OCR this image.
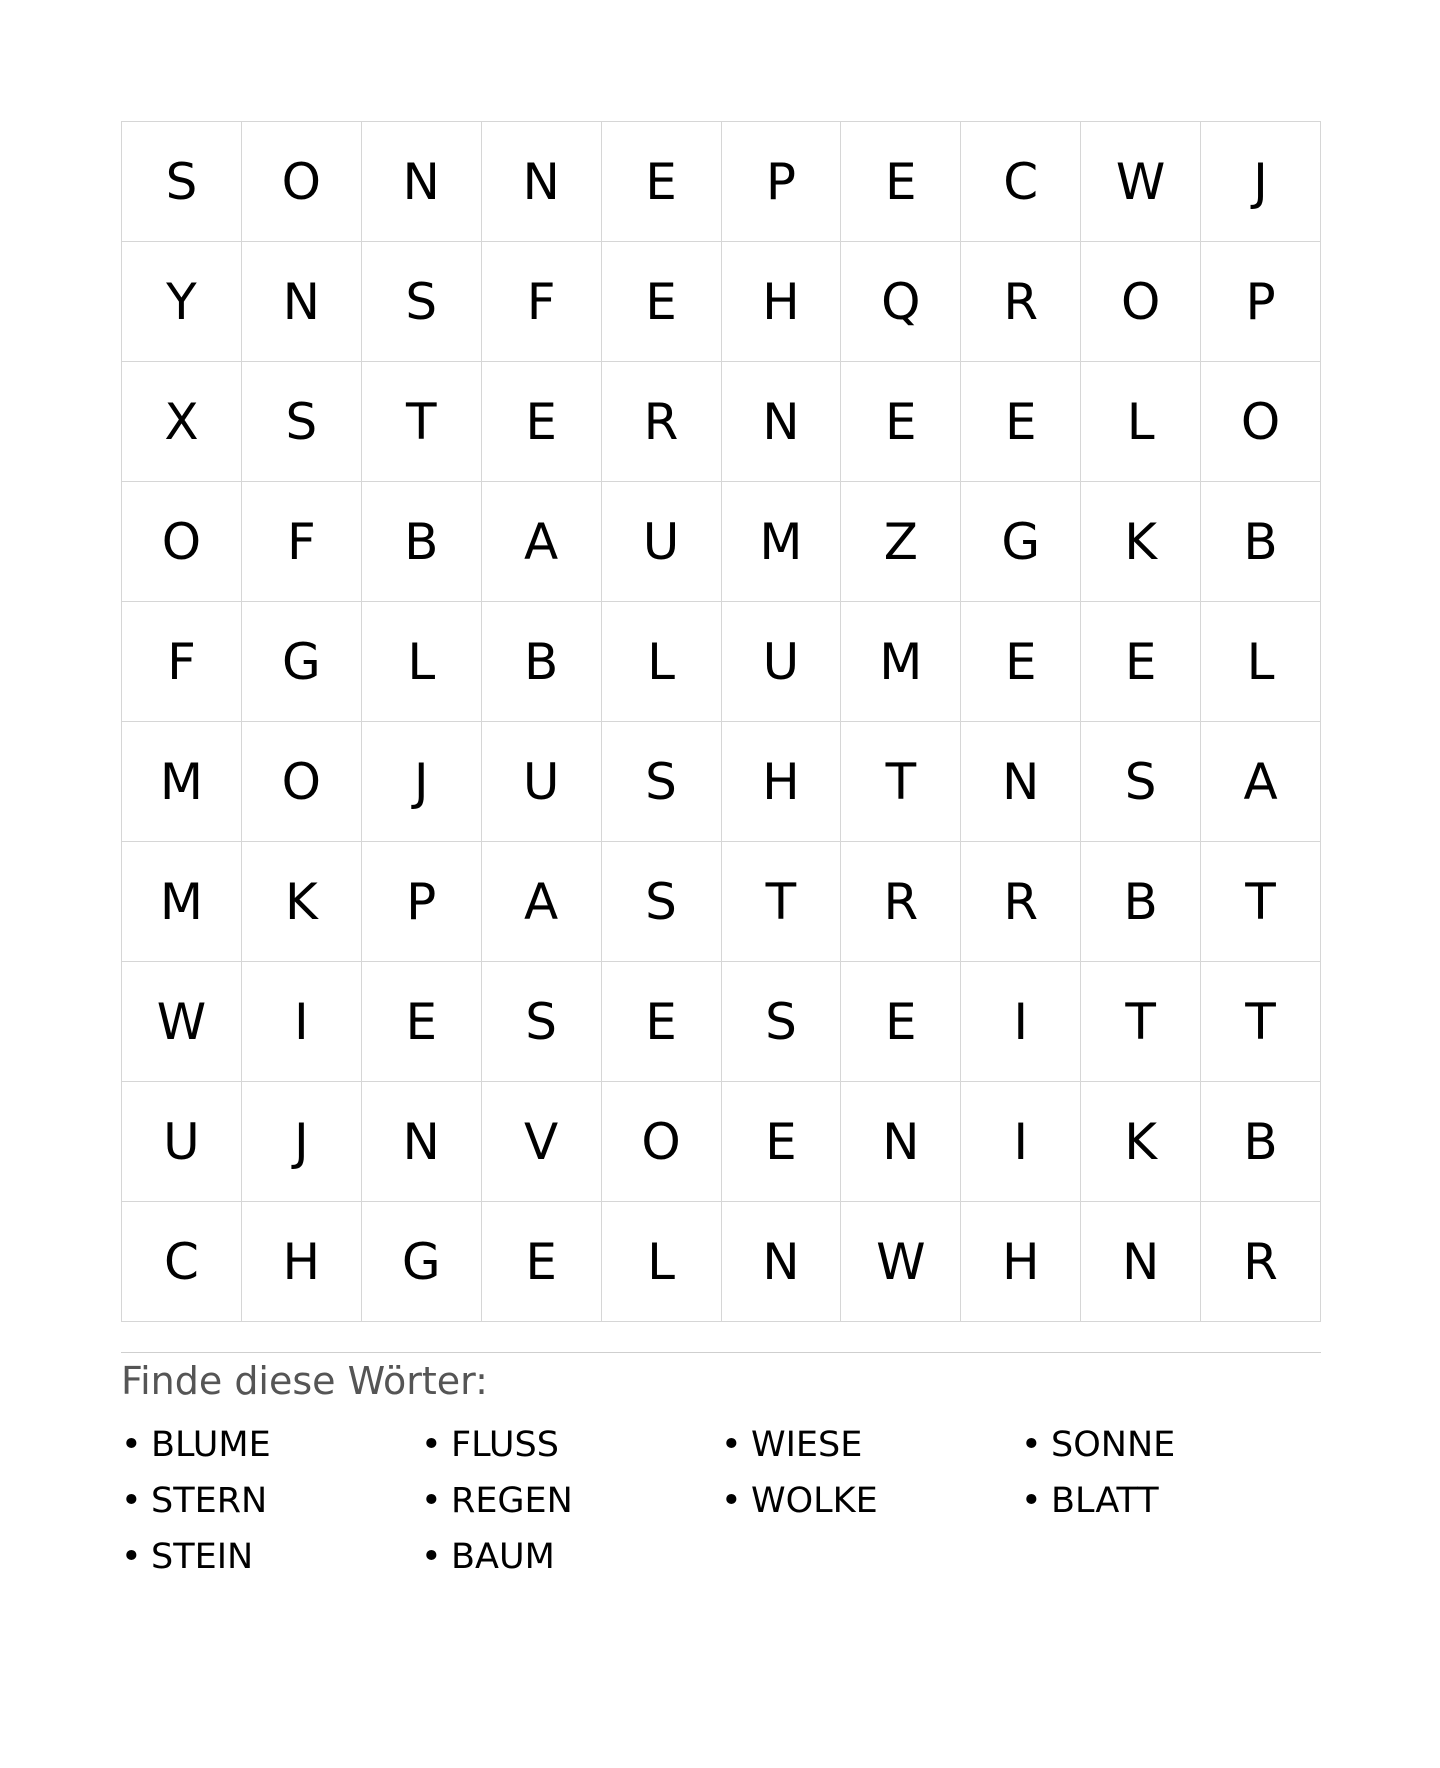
S	O	N	N	E	P	E	C	W	J
Y	N	S	F	E	H	Q	R	O	P
X	S	T	E	R	N	E	E	L	O
O	F	B	A	U	M	Z	G	K	B
F	G	L	B	L	U	M	E	E	L
M	O	J	U	S	H	T	N	S	A
M	K	P	A	S	T	R	R	B	T
W	I	E	S	E	S	E	I	T	T
U	J	N	V	O	E	N	I	K	B
C	H	G	E	L	N	W	H	N	R
Finde diese Wörter:
• BLUME	• FLUSS	• WIESE	• SONNE
• STERN	• REGEN	• WOLKE	• BLATT
• STEIN	• BAUM
